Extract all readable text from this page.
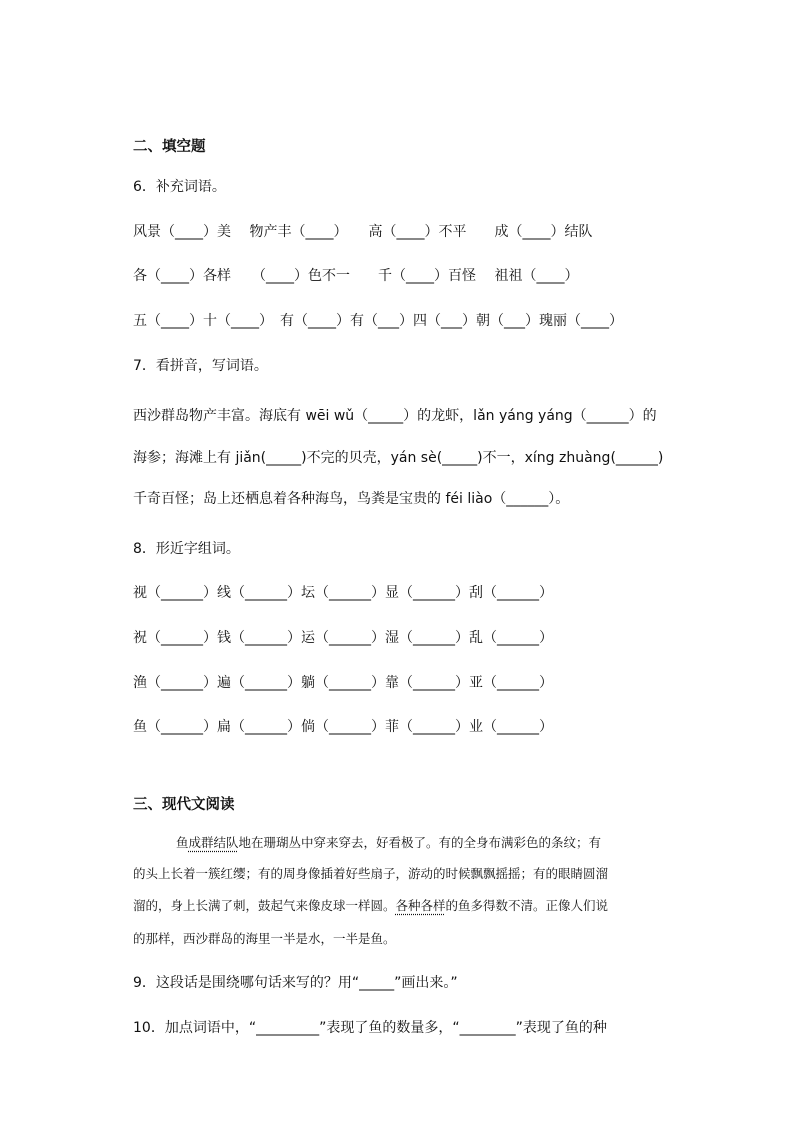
二、填空题
6．补充词语。
风景（____）美　 物产丰（____）　　高（____）不平　　成（____）结队
各（____）各样　　（____）色不一　　千（____）百怪　 祖祖（____）
五（____）十（____）　有（____）有（___）四（___）朝（___）瑰丽（____）
7．看拼音，写词语。
西沙群岛物产丰富。海底有 wēi wǔ（_____）的龙虾，lǎn yáng yáng（______）的
海参；海滩上有 jiǎn(_____)不完的贝壳，yán sè(_____)不一，xíng zhuàng(______)
千奇百怪；岛上还栖息着各种海鸟，鸟粪是宝贵的 féi liào（______）。
8．形近字组词。
视（______）线（______）坛（______）显（______）刮（______）
祝（______）钱（______）运（______）湿（______）乱（______）
渔（______）遍（______）躺（______）靠（______）亚（______）
鱼（______）扁（______）倘（______）菲（______）业（______）
三、现代文阅读
鱼成群结队地在珊瑚丛中穿来穿去，好看极了。有的全身布满彩色的条纹；有
的头上长着一簇红缨；有的周身像插着好些扇子，游动的时候飘飘摇摇；有的眼睛圆溜
溜的，身上长满了刺，鼓起气来像皮球一样圆。各种各样的鱼多得数不清。正像人们说
的那样，西沙群岛的海里一半是水，一半是鱼。
9．这段话是围绕哪句话来写的？用“_____”画出来。”
10．加点词语中，“_________”表现了鱼的数量多，“________”表现了鱼的种
